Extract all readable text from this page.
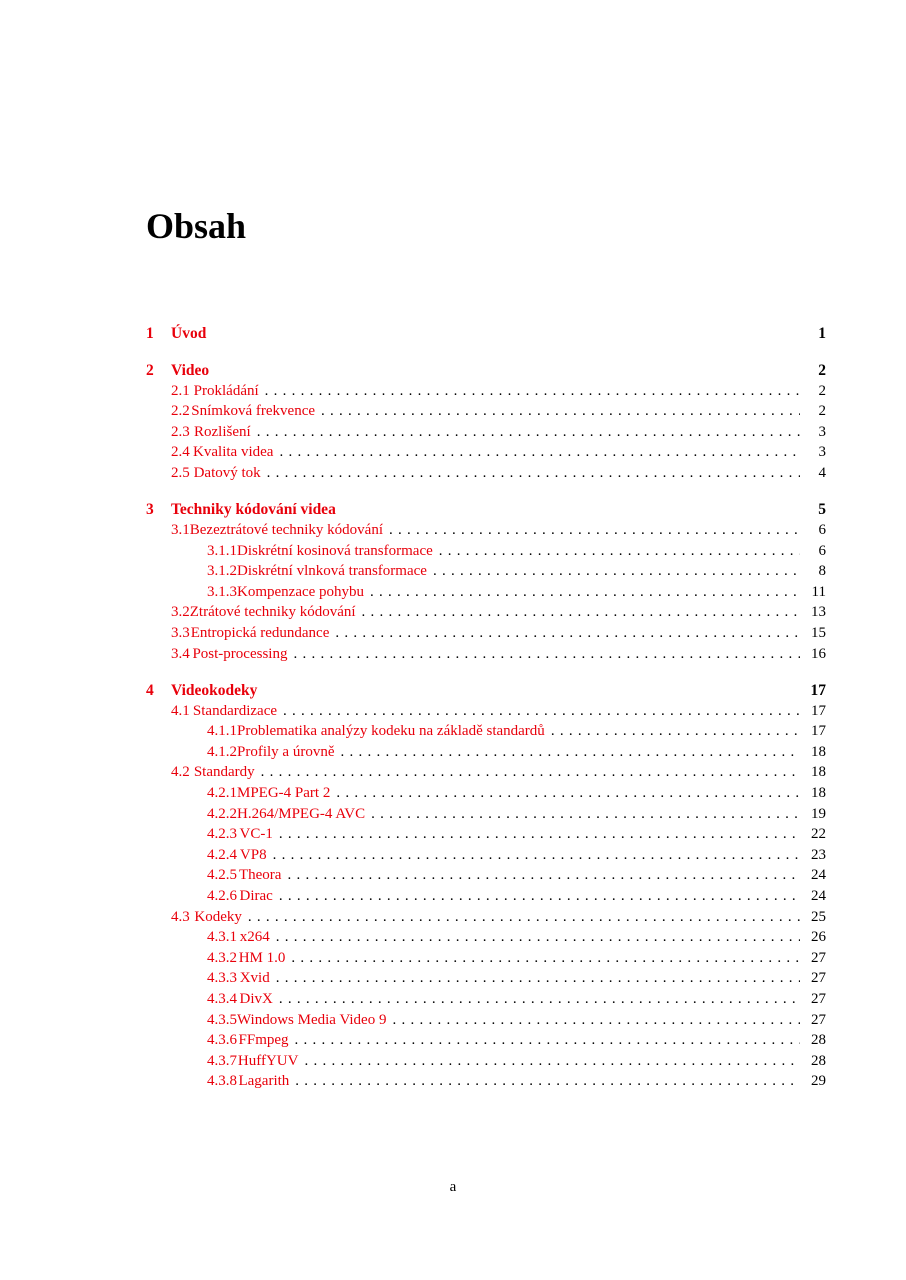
Obsah
1	Úvod	1
2	Video	2
2.1 Prokládání . . .	2
2.2 Snímková frekvence . . .	2
2.3 Rozlišení . . .	3
2.4 Kvalita videa . . .	3
2.5 Datový tok . . .	4
3	Techniky kódování videa	5
3.1 Bezeztrátové techniky kódování . . .	6
3.1.1 Diskrétní kosinová transformace . . .	6
3.1.2 Diskrétní vlnková transformace . . .	8
3.1.3 Kompenzace pohybu . . .	11
3.2 Ztrátové techniky kódování . . .	13
3.3 Entropická redundance . . .	15
3.4 Post-processing . . .	16
4	Videokodeky	17
4.1 Standardizace . . .	17
4.1.1 Problematika analýzy kodeku na základě standardů . . .	17
4.1.2 Profily a úrovně . . .	18
4.2 Standardy . . .	18
4.2.1 MPEG-4 Part 2 . . .	18
4.2.2 H.264/MPEG-4 AVC . . .	19
4.2.3 VC-1 . . .	22
4.2.4 VP8 . . .	23
4.2.5 Theora . . .	24
4.2.6 Dirac . . .	24
4.3 Kodeky . . .	25
4.3.1 x264 . . .	26
4.3.2 HM 1.0 . . .	27
4.3.3 Xvid . . .	27
4.3.4 DivX . . .	27
4.3.5 Windows Media Video 9 . . .	27
4.3.6 FFmpeg . . .	28
4.3.7 HuffYUV . . .	28
4.3.8 Lagarith . . .	29
a
